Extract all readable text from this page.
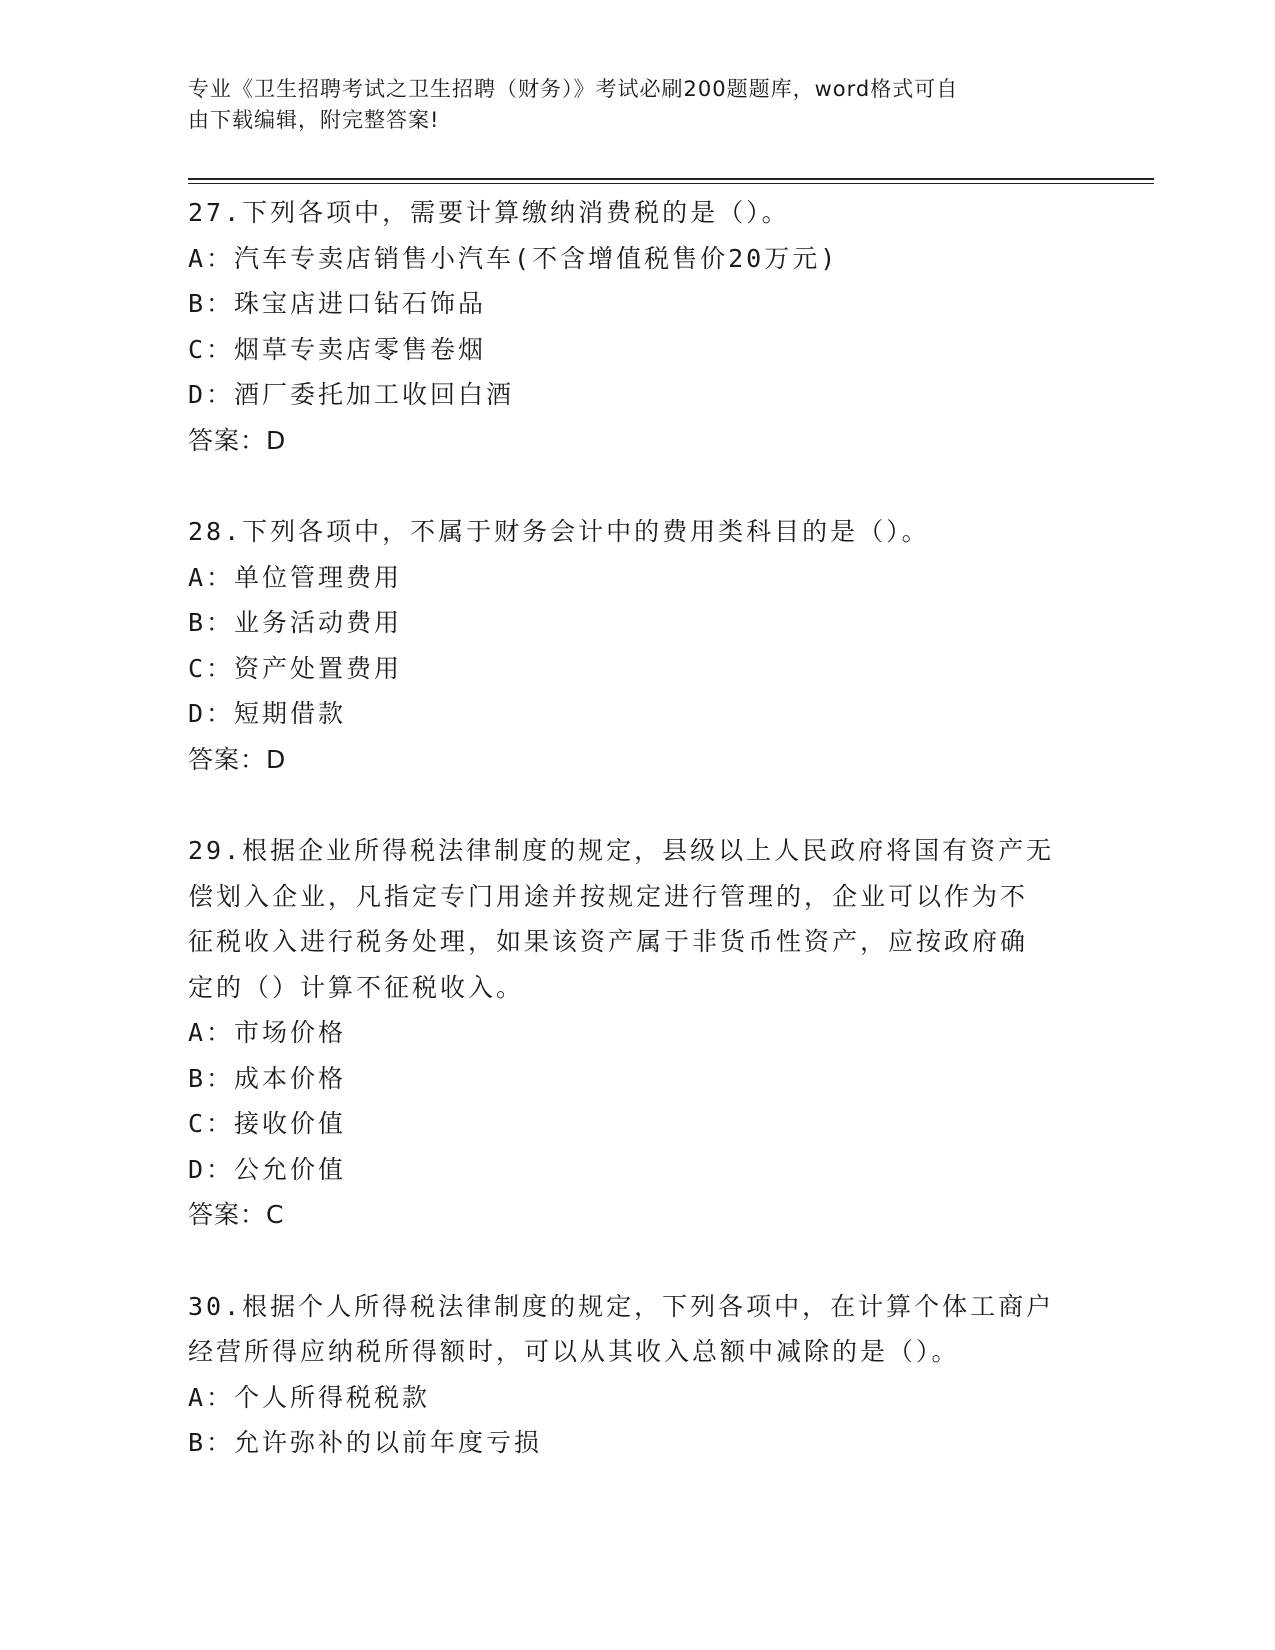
专业《卫生招聘考试之卫生招聘（财务）》考试必刷200题题库，word格式可自
由下载编辑，附完整答案!

27.下列各项中，需要计算缴纳消费税的是（）。

A：汽车专卖店销售小汽车(不含增值税售价20万元)

B：珠宝店进口钻石饰品

C：烟草专卖店零售卷烟

D：酒厂委托加工收回白酒

答案：D

28.下列各项中，不属于财务会计中的费用类科目的是（）。

A：单位管理费用

B：业务活动费用

C：资产处置费用

D：短期借款

答案：D

29.根据企业所得税法律制度的规定，县级以上人民政府将国有资产无

偿划入企业，凡指定专门用途并按规定进行管理的，企业可以作为不

征税收入进行税务处理，如果该资产属于非货币性资产，应按政府确

定的（）计算不征税收入。

A：市场价格

B：成本价格

C：接收价值

D：公允价值

答案：C

30.根据个人所得税法律制度的规定，下列各项中，在计算个体工商户

经营所得应纳税所得额时，可以从其收入总额中减除的是（）。

A：个人所得税税款

B：允许弥补的以前年度亏损
